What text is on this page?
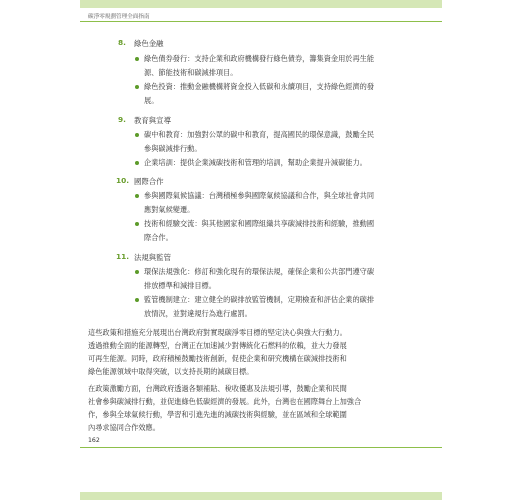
碳淨零規劃管理全面指南
8. 綠色金融
綠色債券發行：支持企業和政府機構發行綠色債券，籌集資金用於再生能
源、節能技術和碳減排項目。
綠色投資：推動金融機構將資金投入低碳和永續項目，支持綠色經濟的發
展。
9. 教育與宣導
碳中和教育：加強對公眾的碳中和教育，提高國民的環保意識，鼓勵全民
參與碳減排行動。
企業培訓：提供企業減碳技術和管理的培訓，幫助企業提升減碳能力。
10. 國際合作
參與國際氣候協議：台灣積極參與國際氣候協議和合作，與全球社會共同
應對氣候變遷。
技術和經驗交流：與其他國家和國際組織共享碳減排技術和經驗，推動國
際合作。
11. 法規與監管
環保法規強化：修訂和強化現有的環保法規，確保企業和公共部門遵守碳
排放標準和減排目標。
監管機制建立：建立健全的碳排放監管機制，定期檢查和評估企業的碳排
放情況，並對違規行為進行處罰。
這些政策和措施充分展現出台灣政府對實現碳淨零目標的堅定決心與強大行動力。
透過推動全面的能源轉型，台灣正在加速減少對傳統化石燃料的依賴，並大力發展
可再生能源。同時，政府積極鼓勵技術創新，促使企業和研究機構在碳減排技術和
綠色能源領域中取得突破，以支持長期的減碳目標。
在政策激勵方面，台灣政府透過各類補貼、稅收優惠及法規引導，鼓勵企業和民間
社會參與碳減排行動，並促進綠色低碳經濟的發展。此外，台灣也在國際舞台上加強合
作，參與全球氣候行動，學習和引進先進的減碳技術與經驗，並在區域和全球範圍
內尋求協同合作效應。
162
